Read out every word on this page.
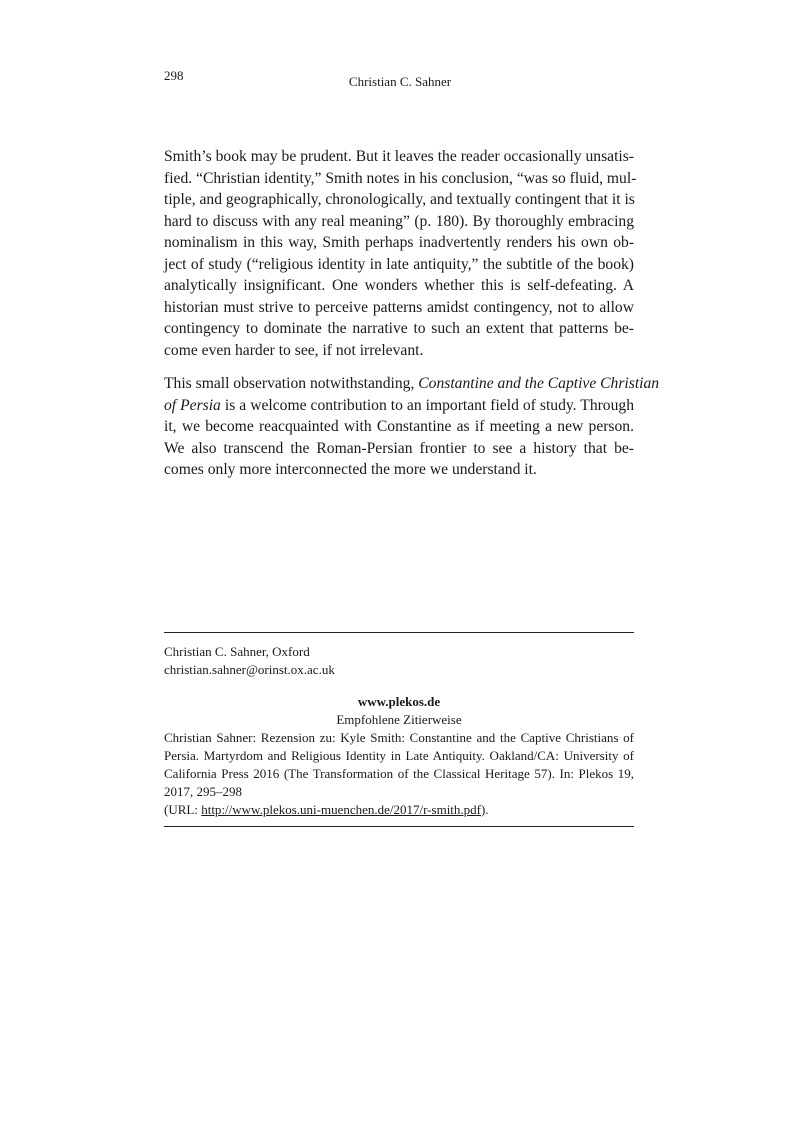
298	Christian C. Sahner
Smith’s book may be prudent. But it leaves the reader occasionally unsatis-
fied. “Christian identity,” Smith notes in his conclusion, “was so fluid, mul-
tiple, and geographically, chronologically, and textually contingent that it is
hard to discuss with any real meaning” (p. 180). By thoroughly embracing
nominalism in this way, Smith perhaps inadvertently renders his own ob-
ject of study (“religious identity in late antiquity,” the subtitle of the book)
analytically insignificant. One wonders whether this is self-defeating. A
historian must strive to perceive patterns amidst contingency, not to allow
contingency to dominate the narrative to such an extent that patterns be-
come even harder to see, if not irrelevant.
This small observation notwithstanding, Constantine and the Captive Christian
of Persia is a welcome contribution to an important field of study. Through
it, we become reacquainted with Constantine as if meeting a new person.
We also transcend the Roman-Persian frontier to see a history that be-
comes only more interconnected the more we understand it.
Christian C. Sahner, Oxford
christian.sahner@orinst.ox.ac.uk
www.plekos.de
Empfohlene Zitierweise
Christian Sahner: Rezension zu: Kyle Smith: Constantine and the Captive Christians of
Persia. Martyrdom and Religious Identity in Late Antiquity. Oakland/CA: University of
California Press 2016 (The Transformation of the Classical Heritage 57). In: Plekos 19,
2017, 295–298
(URL: http://www.plekos.uni-muenchen.de/2017/r-smith.pdf).
